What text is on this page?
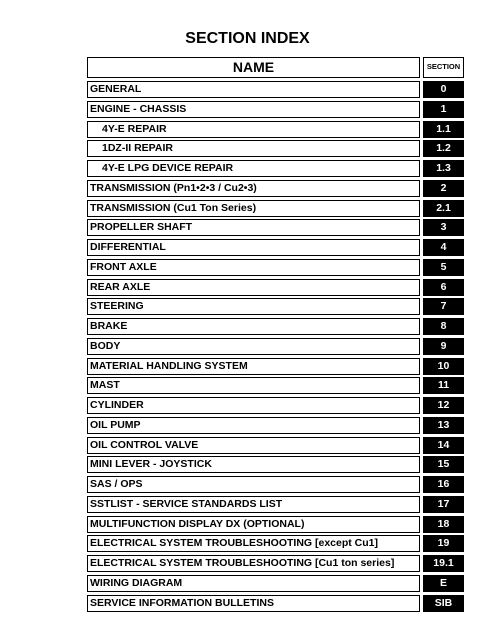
SECTION INDEX
NAME	SECTION
GENERAL	0
ENGINE - CHASSIS	1
4Y-E REPAIR	1.1
1DZ-II REPAIR	1.2
4Y-E LPG DEVICE REPAIR	1.3
TRANSMISSION (Pn1•2•3 / Cu2•3)	2
TRANSMISSION (Cu1 Ton Series)	2.1
PROPELLER SHAFT	3
DIFFERENTIAL	4
FRONT AXLE	5
REAR AXLE	6
STEERING	7
BRAKE	8
BODY	9
MATERIAL HANDLING SYSTEM	10
MAST	11
CYLINDER	12
OIL PUMP	13
OIL CONTROL VALVE	14
MINI LEVER - JOYSTICK	15
SAS / OPS	16
SSTLIST - SERVICE STANDARDS LIST	17
MULTIFUNCTION DISPLAY DX (OPTIONAL)	18
ELECTRICAL SYSTEM TROUBLESHOOTING [except Cu1]	19
ELECTRICAL SYSTEM TROUBLESHOOTING [Cu1 ton series]	19.1
WIRING DIAGRAM	E
SERVICE INFORMATION BULLETINS	SIB
